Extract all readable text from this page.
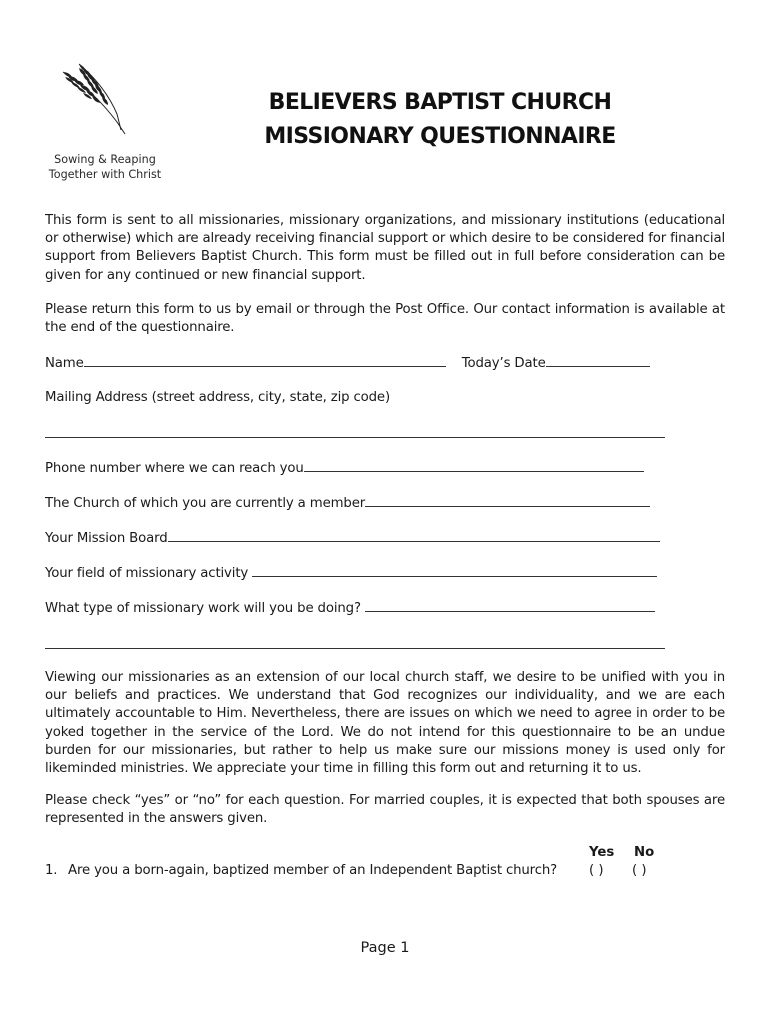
Sowing & Reaping
Together with Christ
BELIEVERS BAPTIST CHURCH
MISSIONARY QUESTIONNAIRE
This form is sent to all missionaries, missionary organizations, and missionary institutions (educational or otherwise) which are already receiving financial support or which desire to be considered for financial support from Believers Baptist Church. This form must be filled out in full before consideration can be given for any continued or new financial support.
Please return this form to us by email or through the Post Office. Our contact information is available at the end of the questionnaire.
Name	Today’s Date
Mailing Address (street address, city, state, zip code)
Phone number where we can reach you
The Church of which you are currently a member
Your Mission Board
Your field of missionary activity
What type of missionary work will you be doing?
Viewing our missionaries as an extension of our local church staff, we desire to be unified with you in our beliefs and practices. We understand that God recognizes our individuality, and we are each ultimately accountable to Him. Nevertheless, there are issues on which we need to agree in order to be yoked together in the service of the Lord. We do not intend for this questionnaire to be an undue burden for our missionaries, but rather to help us make sure our missions money is used only for likeminded ministries. We appreciate your time in filling this form out and returning it to us.
Please check “yes” or “no” for each question. For married couples, it is expected that both spouses are represented in the answers given.
Yes No
1. Are you a born-again, baptized member of an Independent Baptist church? ( ) ( )
Page 1
